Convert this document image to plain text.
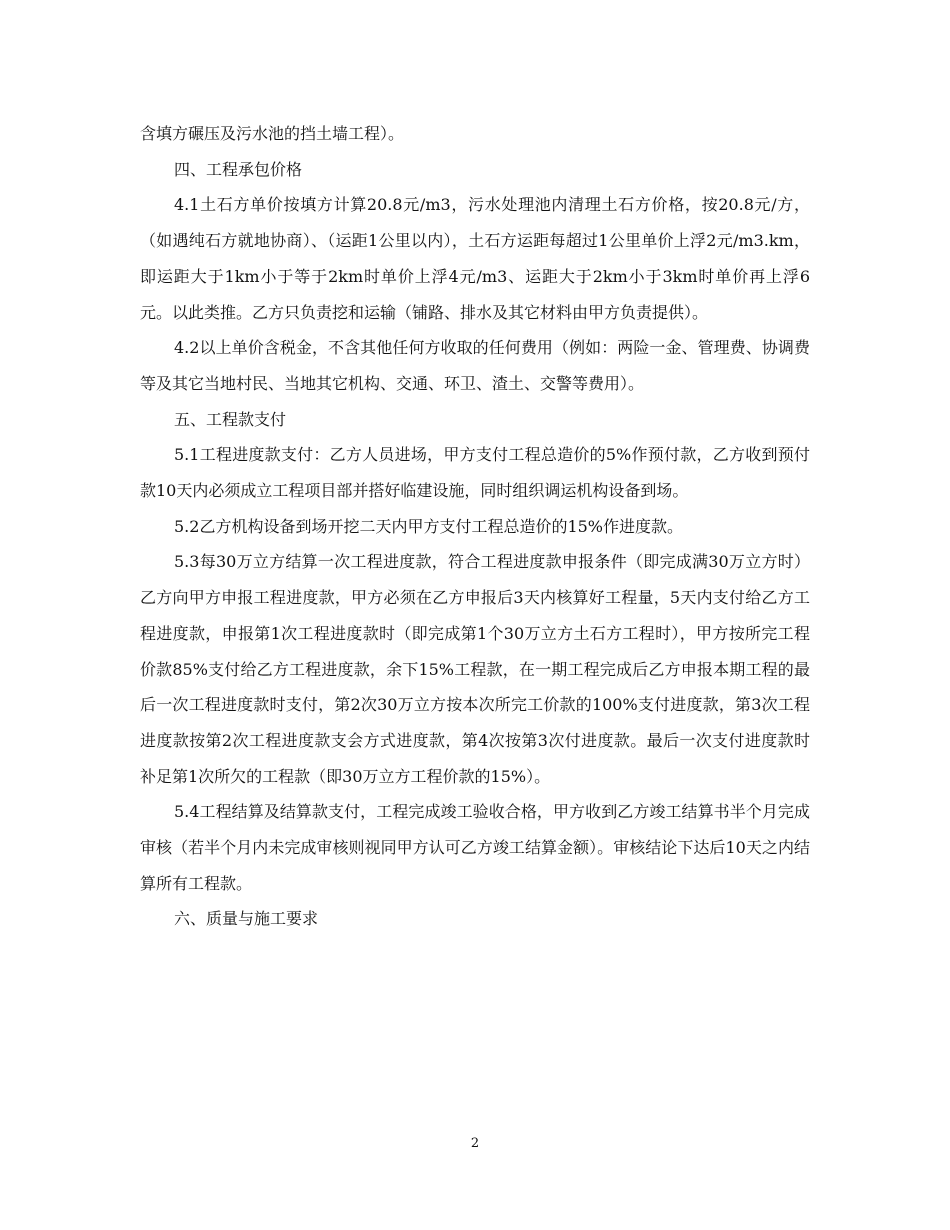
含填方碾压及污水池的挡土墙工程）。

四、工程承包价格

4.1土石方单价按填方计算20.8元/m3，污水处理池内清理土石方价格，按20.8元/方，（如遇纯石方就地协商）、（运距1公里以内），土石方运距每超过1公里单价上浮2元/m3.km，即运距大于1km小于等于2km时单价上浮4元/m3、运距大于2km小于3km时单价再上浮6元。以此类推。乙方只负责挖和运输（铺路、排水及其它材料由甲方负责提供）。

4.2以上单价含税金，不含其他任何方收取的任何费用（例如：两险一金、管理费、协调费等及其它当地村民、当地其它机构、交通、环卫、渣土、交警等费用）。

五、工程款支付

5.1工程进度款支付：乙方人员进场，甲方支付工程总造价的5%作预付款，乙方收到预付款10天内必须成立工程项目部并搭好临建设施，同时组织调运机构设备到场。

5.2乙方机构设备到场开挖二天内甲方支付工程总造价的15%作进度款。

5.3每30万立方结算一次工程进度款，符合工程进度款申报条件（即完成满30万立方时）乙方向甲方申报工程进度款，甲方必须在乙方申报后3天内核算好工程量，5天内支付给乙方工程进度款，申报第1次工程进度款时（即完成第1个30万立方土石方工程时），甲方按所完工程价款85%支付给乙方工程进度款，余下15%工程款，在一期工程完成后乙方申报本期工程的最后一次工程进度款时支付，第2次30万立方按本次所完工价款的100%支付进度款，第3次工程进度款按第2次工程进度款支会方式进度款，第4次按第3次付进度款。最后一次支付进度款时补足第1次所欠的工程款（即30万立方工程价款的15%）。

5.4工程结算及结算款支付，工程完成竣工验收合格，甲方收到乙方竣工结算书半个月完成审核（若半个月内未完成审核则视同甲方认可乙方竣工结算金额）。审核结论下达后10天之内结算所有工程款。

六、质量与施工要求

2
